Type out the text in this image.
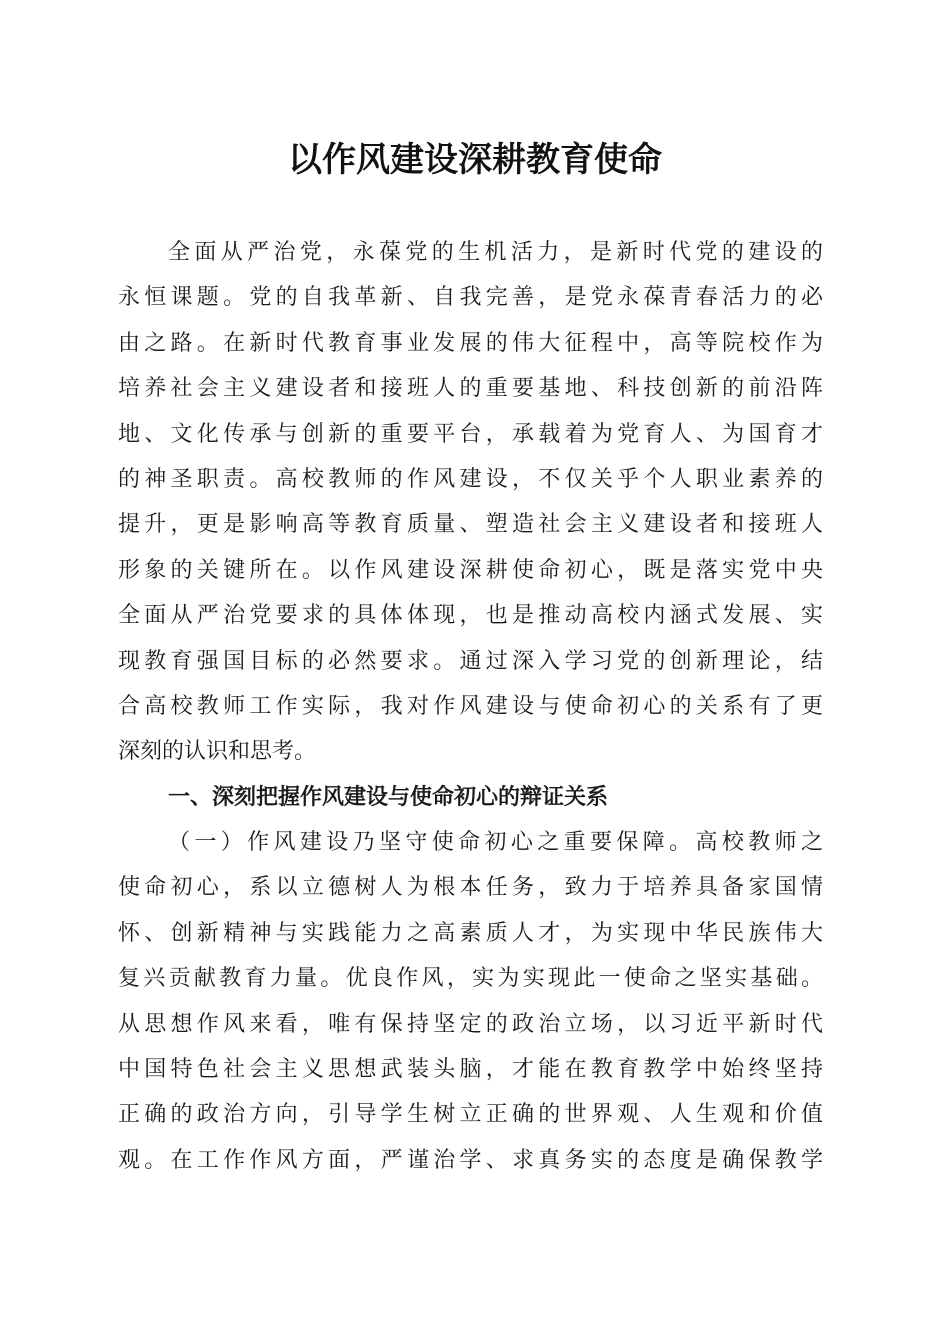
以作风建设深耕教育使命
全面从严治党，永葆党的生机活力，是新时代党的建设的
永恒课题。党的自我革新、自我完善，是党永葆青春活力的必
由之路。在新时代教育事业发展的伟大征程中，高等院校作为
培养社会主义建设者和接班人的重要基地、科技创新的前沿阵
地、文化传承与创新的重要平台，承载着为党育人、为国育才
的神圣职责。高校教师的作风建设，不仅关乎个人职业素养的
提升，更是影响高等教育质量、塑造社会主义建设者和接班人
形象的关键所在。以作风建设深耕使命初心，既是落实党中央
全面从严治党要求的具体体现，也是推动高校内涵式发展、实
现教育强国目标的必然要求。通过深入学习党的创新理论，结
合高校教师工作实际，我对作风建设与使命初心的关系有了更
深刻的认识和思考。
一、深刻把握作风建设与使命初心的辩证关系
（一）作风建设乃坚守使命初心之重要保障。高校教师之
使命初心，系以立德树人为根本任务，致力于培养具备家国情
怀、创新精神与实践能力之高素质人才，为实现中华民族伟大
复兴贡献教育力量。优良作风，实为实现此一使命之坚实基础。
从思想作风来看，唯有保持坚定的政治立场，以习近平新时代
中国特色社会主义思想武装头脑，才能在教育教学中始终坚持
正确的政治方向，引导学生树立正确的世界观、人生观和价值
观。在工作作风方面，严谨治学、求真务实的态度是确保教学
